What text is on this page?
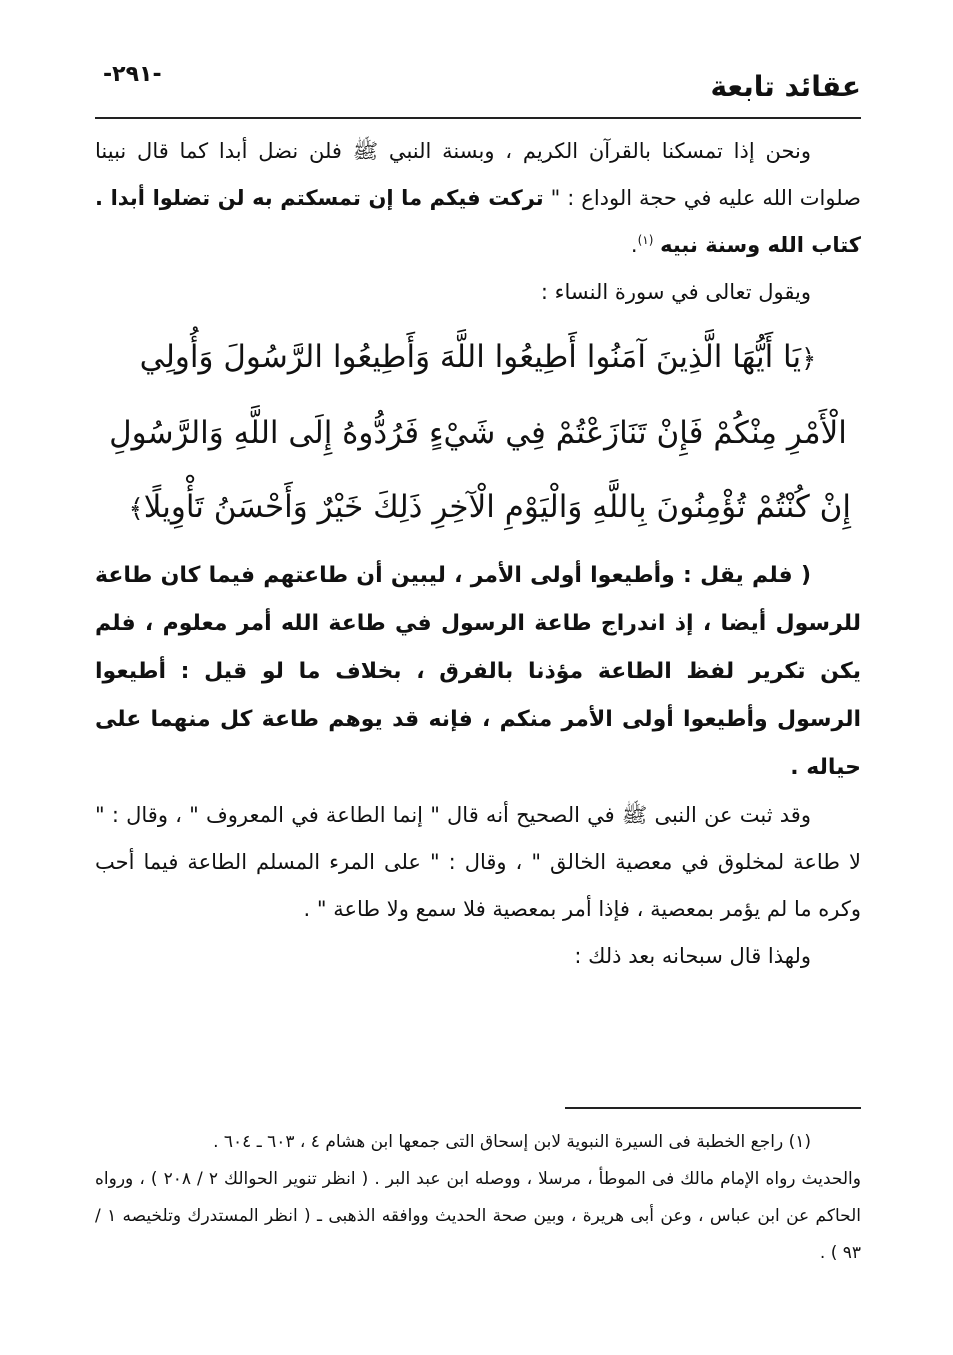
-٢٩١-	عقائد تابعة

ونحن إذا تمسكنا بالقرآن الكريم ، وبسنة النبي ﷺ فلن نضل أبدا كما قال نبينا صلوات الله عليه في حجة الوداع : " تركت فيكم ما إن تمسكتم به لن تضلوا أبدا . كتاب الله وسنة نبيه $^{(١)}$.

ويقول تعالى في سورة النساء :

﴿يَا أَيُّهَا الَّذِينَ آمَنُوا أَطِيعُوا اللَّهَ وَأَطِيعُوا الرَّسُولَ وَأُولِي الْأَمْرِ مِنْكُمْ فَإِنْ تَنَازَعْتُمْ فِي شَيْءٍ فَرُدُّوهُ إِلَى اللَّهِ وَالرَّسُولِ إِنْ كُنْتُمْ تُؤْمِنُونَ بِاللَّهِ وَالْيَوْمِ الْآخِرِ ذَلِكَ خَيْرٌ وَأَحْسَنُ تَأْوِيلًا﴾

( فلم يقل : وأطيعوا أولى الأمر ، ليبين أن طاعتهم فيما كان طاعة للرسول أيضا ، إذ اندراج طاعة الرسول في طاعة الله أمر معلوم ، فلم يكن تكرير لفظ الطاعة مؤذنا بالفرق ، بخلاف ما لو قيل : أطيعوا الرسول وأطيعوا أولى الأمر منكم ، فإنه قد يوهم طاعة كل منهما على حياله .

وقد ثبت عن النبى ﷺ في الصحيح أنه قال " إنما الطاعة في المعروف " ، وقال : " لا طاعة لمخلوق في معصية الخالق " ، وقال : " على المرء المسلم الطاعة فيما أحب وكره ما لم يؤمر بمعصية ، فإذا أمر بمعصية فلا سمع ولا طاعة " .

ولهذا قال سبحانه بعد ذلك :

(١) راجع الخطبة فى السيرة النبوية لابن إسحاق التى جمعها ابن هشام ٤ ، ٦٠٣ ـ ٦٠٤ .

والحديث رواه الإمام مالك فى الموطأ ، مرسلا ، ووصله ابن عبد البر . ( انظر تنوير الحوالك ٢ / ٢٠٨ ) ، ورواه الحاكم عن ابن عباس ، وعن أبى هريرة ، وبين صحة الحديث ووافقه الذهبى ـ ( انظر المستدرك وتلخيصه ١ / ٩٣ ) .
